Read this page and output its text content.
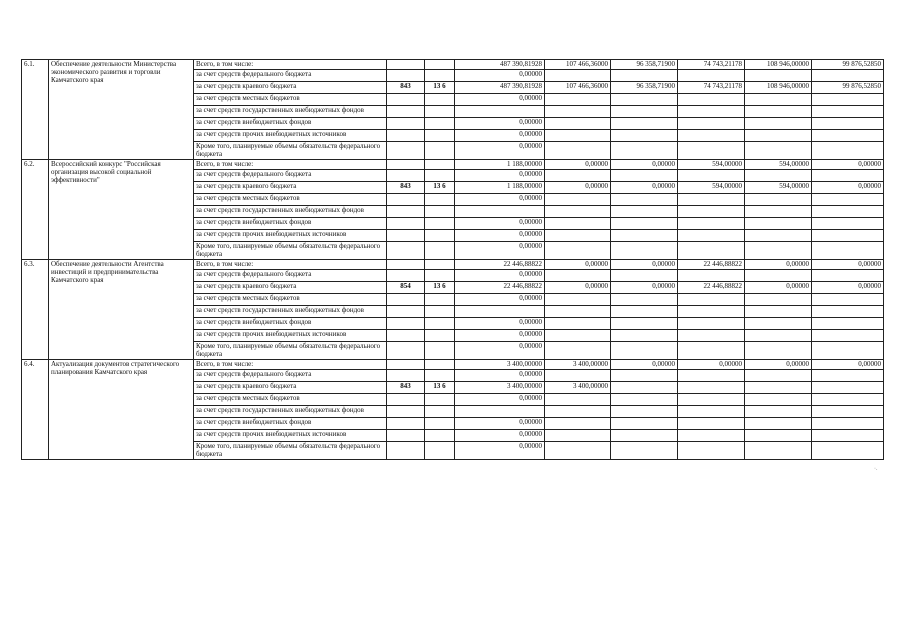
6.1.	Обеспечение деятельности Министерства экономического развития и торговли Камчатского края	Всего, в том числе:			487 390,81928	107 466,36000	96 358,71900	74 743,21178	108 946,00000	99 876,52850
		за счет средств федерального бюджета			0,00000					
		за счет средств краевого бюджета	843	13 6	487 390,81928	107 466,36000	96 358,71900	74 743,21178	108 946,00000	99 876,52850
		за счет средств местных бюджетов			0,00000					
		за счет средств государственных внебюджетных фондов								
		за счет средств внебюджетных фондов			0,00000					
		за счет средств прочих внебюджетных источников			0,00000					
		Кроме того, планируемые объемы обязательств федерального бюджета			0,00000					
6.2.	Всероссийский конкурс "Российская организация высокой социальной эффективности"	Всего, в том числе:			1 188,00000	0,00000	0,00000	594,00000	594,00000	0,00000
		за счет средств федерального бюджета			0,00000					
		за счет средств краевого бюджета	843	13 6	1 188,00000	0,00000	0,00000	594,00000	594,00000	0,00000
		за счет средств местных бюджетов			0,00000					
		за счет средств государственных внебюджетных фондов								
		за счет средств внебюджетных фондов			0,00000					
		за счет средств прочих внебюджетных источников			0,00000					
		Кроме того, планируемые объемы обязательств федерального бюджета			0,00000					
6.3.	Обеспечение деятельности Агентства инвестиций и предпринимательства Камчатского края	Всего, в том числе:			22 446,88822	0,00000	0,00000	22 446,88822	0,00000	0,00000
		за счет средств федерального бюджета			0,00000					
		за счет средств краевого бюджета	854	13 6	22 446,88822	0,00000	0,00000	22 446,88822	0,00000	0,00000
		за счет средств местных бюджетов			0,00000					
		за счет средств государственных внебюджетных фондов								
		за счет средств внебюджетных фондов			0,00000					
		за счет средств прочих внебюджетных источников			0,00000					
		Кроме того, планируемые объемы обязательств федерального бюджета			0,00000					
6.4.	Актуализация документов стратегического планирования Камчатского края	Всего, в том числе:			3 400,00000	3 400,00000	0,00000	0,00000	0,00000	0,00000
		за счет средств федерального бюджета			0,00000					
		за счет средств краевого бюджета	843	13 6	3 400,00000	3 400,00000				
		за счет средств местных бюджетов			0,00000					
		за счет средств государственных внебюджетных фондов								
		за счет средств внебюджетных фондов			0,00000					
		за счет средств прочих внебюджетных источников			0,00000					
		Кроме того, планируемые объемы обязательств федерального бюджета			0,00000					
·.
